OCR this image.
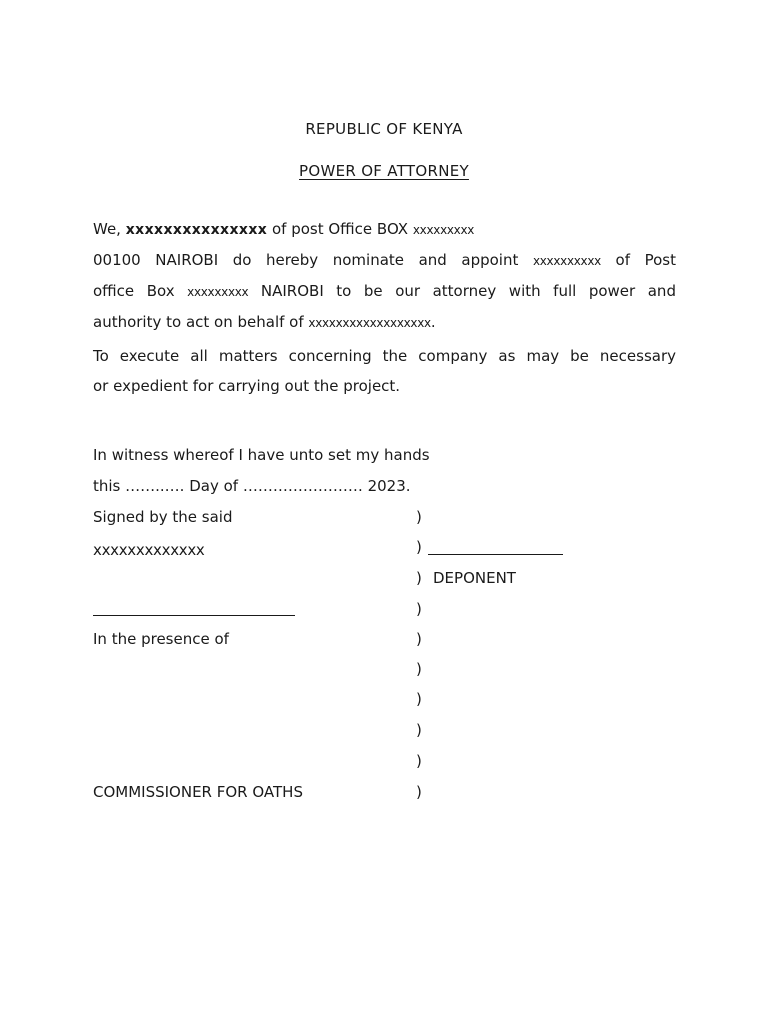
REPUBLIC OF KENYA
POWER OF ATTORNEY
We, xxxxxxxxxxxxxxx of post Office BOX xxxxxxxxx
00100 NAIROBI do hereby nominate and appoint xxxxxxxxxx of Post
office Box xxxxxxxxx NAIROBI to be our attorney with full power and
authority to act on behalf of xxxxxxxxxxxxxxxxxx.
To execute all matters concerning the company as may be necessary
or expedient for carrying out the project.
In witness whereof I have unto set my hands
this ……..…. Day of …………………… 2023.
Signed by the said	)
xxxxxxxxxxxxx	)
) DEPONENT
)
In the presence of	)
)
)
)
)
COMMISSIONER FOR OATHS	)
